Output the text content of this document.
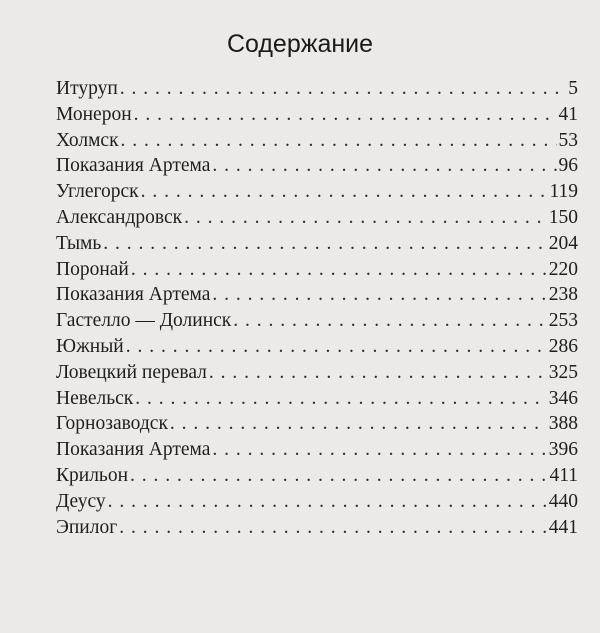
Содержание
Итуруп . . .	5
Монерон . . .	41
Холмск . . .	53
Показания Артема . . .	96
Углегорск . . .	119
Александровск . . .	150
Тымь . . .	204
Поронай . . .	220
Показания Артема . . .	238
Гастелло — Долинск . . .	253
Южный . . .	286
Ловецкий перевал . . .	325
Невельск . . .	346
Горнозаводск . . .	388
Показания Артема . . .	396
Крильон . . .	411
Деусу . . .	440
Эпилог . . .	441
